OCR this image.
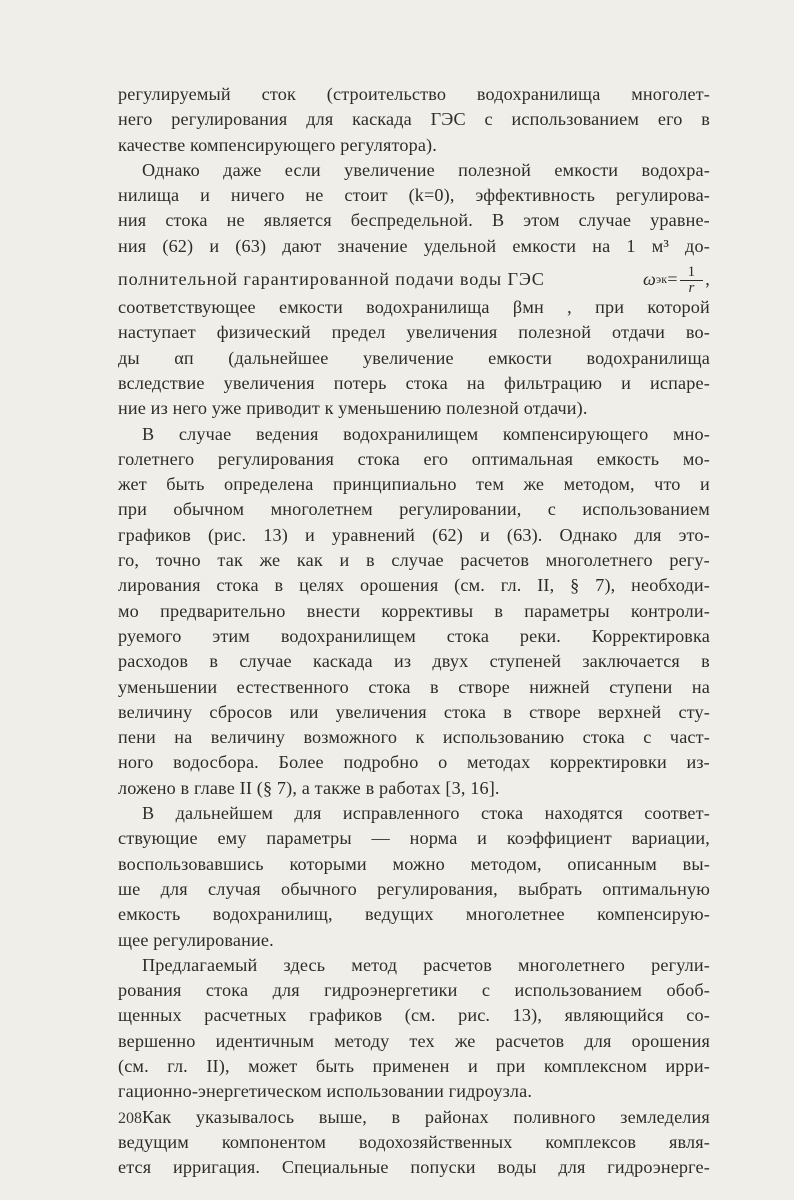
регулируемый сток (строительство водохранилища многолет-
него регулирования для каскада ГЭС с использованием его в
качестве компенсирующего регулятора).
Однако даже если увеличение полезной емкости водохра-
нилища и ничего не стоит (k=0), эффективность регулирова-
ния стока не является беспредельной. В этом случае уравне-
ния (62) и (63) дают значение удельной емкости на 1 м³ до-
полнительной гарантированной подачи воды ГЭС	ω эк = $\frac{1}{r}$ ,
соответствующее емкости водохранилища βмн , при которой
наступает физический предел увеличения полезной отдачи во-
ды αп (дальнейшее увеличение емкости водохранилища
вследствие увеличения потерь стока на фильтрацию и испаре-
ние из него уже приводит к уменьшению полезной отдачи).
В случае ведения водохранилищем компенсирующего мно-
голетнего регулирования стока его оптимальная емкость мо-
жет быть определена принципиально тем же методом, что и
при обычном многолетнем регулировании, с использованием
графиков (рис. 13) и уравнений (62) и (63). Однако для это-
го, точно так же как и в случае расчетов многолетнего регу-
лирования стока в целях орошения (см. гл. II, § 7), необходи-
мо предварительно внести коррективы в параметры контроли-
руемого этим водохранилищем стока реки. Корректировка
расходов в случае каскада из двух ступеней заключается в
уменьшении естественного стока в створе нижней ступени на
величину сбросов или увеличения стока в створе верхней сту-
пени на величину возможного к использованию стока с част-
ного водосбора. Более подробно о методах корректировки из-
ложено в главе II (§ 7), а также в работах [3, 16].
В дальнейшем для исправленного стока находятся соответ-
ствующие ему параметры — норма и коэффициент вариации,
воспользовавшись которыми можно методом, описанным вы-
ше для случая обычного регулирования, выбрать оптимальную
емкость водохранилищ, ведущих многолетнее компенсирую-
щее регулирование.
Предлагаемый здесь метод расчетов многолетнего регули-
рования стока для гидроэнергетики с использованием обоб-
щенных расчетных графиков (см. рис. 13), являющийся со-
вершенно идентичным методу тех же расчетов для орошения
(см. гл. II), может быть применен и при комплексном ирри-
гационно-энергетическом использовании гидроузла.
Как указывалось выше, в районах поливного земледелия
ведущим компонентом водохозяйственных комплексов явля-
ется ирригация. Специальные попуски воды для гидроэнерге-
208
